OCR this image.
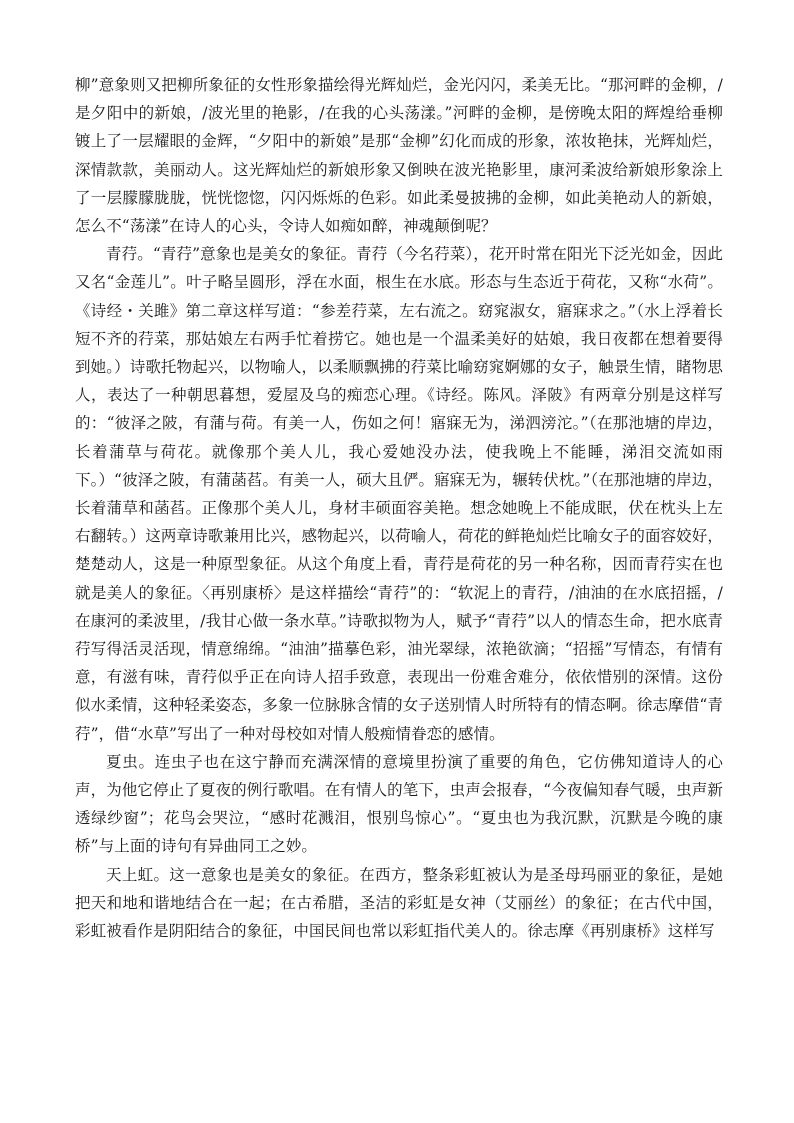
柳”意象则又把柳所象征的女性形象描绘得光辉灿烂，金光闪闪，柔美无比。“那河畔的金柳，/是夕阳中的新娘，/波光里的艳影，/在我的心头荡漾。”河畔的金柳，是傍晚太阳的辉煌给垂柳镀上了一层耀眼的金辉，“夕阳中的新娘”是那“金柳”幻化而成的形象，浓妆艳抹，光辉灿烂，深情款款，美丽动人。这光辉灿烂的新娘形象又倒映在波光艳影里，康河柔波给新娘形象涂上了一层朦朦胧胧，恍恍惚惚，闪闪烁烁的色彩。如此柔曼披拂的金柳，如此美艳动人的新娘，怎么不“荡漾”在诗人的心头，令诗人如痴如醉，神魂颠倒呢？

青荇。“青荇”意象也是美女的象征。青荇（今名荇菜），花开时常在阳光下泛光如金，因此又名“金莲儿”。叶子略呈圆形，浮在水面，根生在水底。形态与生态近于荷花，又称“水荷”。《诗经・关雎》第二章这样写道：“参差荇菜，左右流之。窈窕淑女，寤寐求之。”（水上浮着长短不齐的荇菜，那姑娘左右两手忙着捞它。她也是一个温柔美好的姑娘，我日夜都在想着要得到她。）诗歌托物起兴，以物喻人，以柔顺飘拂的荇菜比喻窈窕婀娜的女子，触景生情，睹物思人，表达了一种朝思暮想，爱屋及乌的痴恋心理。《诗经。陈风。泽陂》有两章分别是这样写的：“彼泽之陂，有蒲与荷。有美一人，伤如之何！寤寐无为，涕泗滂沱。”（在那池塘的岸边，长着蒲草与荷花。就像那个美人儿，我心爱她没办法，使我晚上不能睡，涕泪交流如雨下。）“彼泽之陂，有蒲菡萏。有美一人，硕大且俨。寤寐无为，辗转伏枕。”（在那池塘的岸边，长着蒲草和菡萏。正像那个美人儿，身材丰硕面容美艳。想念她晚上不能成眠，伏在枕头上左右翻转。）这两章诗歌兼用比兴，感物起兴，以荷喻人，荷花的鲜艳灿烂比喻女子的面容姣好，楚楚动人，这是一种原型象征。从这个角度上看，青荇是荷花的另一种名称，因而青荇实在也就是美人的象征。〈再别康桥〉是这样描绘“青荇”的：“软泥上的青荇，/油油的在水底招摇，/在康河的柔波里，/我甘心做一条水草。”诗歌拟物为人，赋予“青荇”以人的情态生命，把水底青荇写得活灵活现，情意绵绵。“油油”描摹色彩，油光翠绿，浓艳欲滴；“招摇”写情态，有情有意，有滋有味，青荇似乎正在向诗人招手致意，表现出一份难舍难分，依依惜别的深情。这份似水柔情，这种轻柔姿态，多象一位脉脉含情的女子送别情人时所特有的情态啊。徐志摩借“青荇”，借“水草”写出了一种对母校如对情人般痴情眷恋的感情。

夏虫。连虫子也在这宁静而充满深情的意境里扮演了重要的角色，它仿佛知道诗人的心声，为他它停止了夏夜的例行歌唱。在有情人的笔下，虫声会报春，“今夜偏知春气暖，虫声新透绿纱窗”；花鸟会哭泣，“感时花溅泪，恨别鸟惊心”。“夏虫也为我沉默，沉默是今晚的康桥”与上面的诗句有异曲同工之妙。

天上虹。这一意象也是美女的象征。在西方，整条彩虹被认为是圣母玛丽亚的象征，是她把天和地和谐地结合在一起；在古希腊，圣洁的彩虹是女神（艾丽丝）的象征；在古代中国，彩虹被看作是阴阳结合的象征，中国民间也常以彩虹指代美人的。徐志摩《再别康桥》这样写
